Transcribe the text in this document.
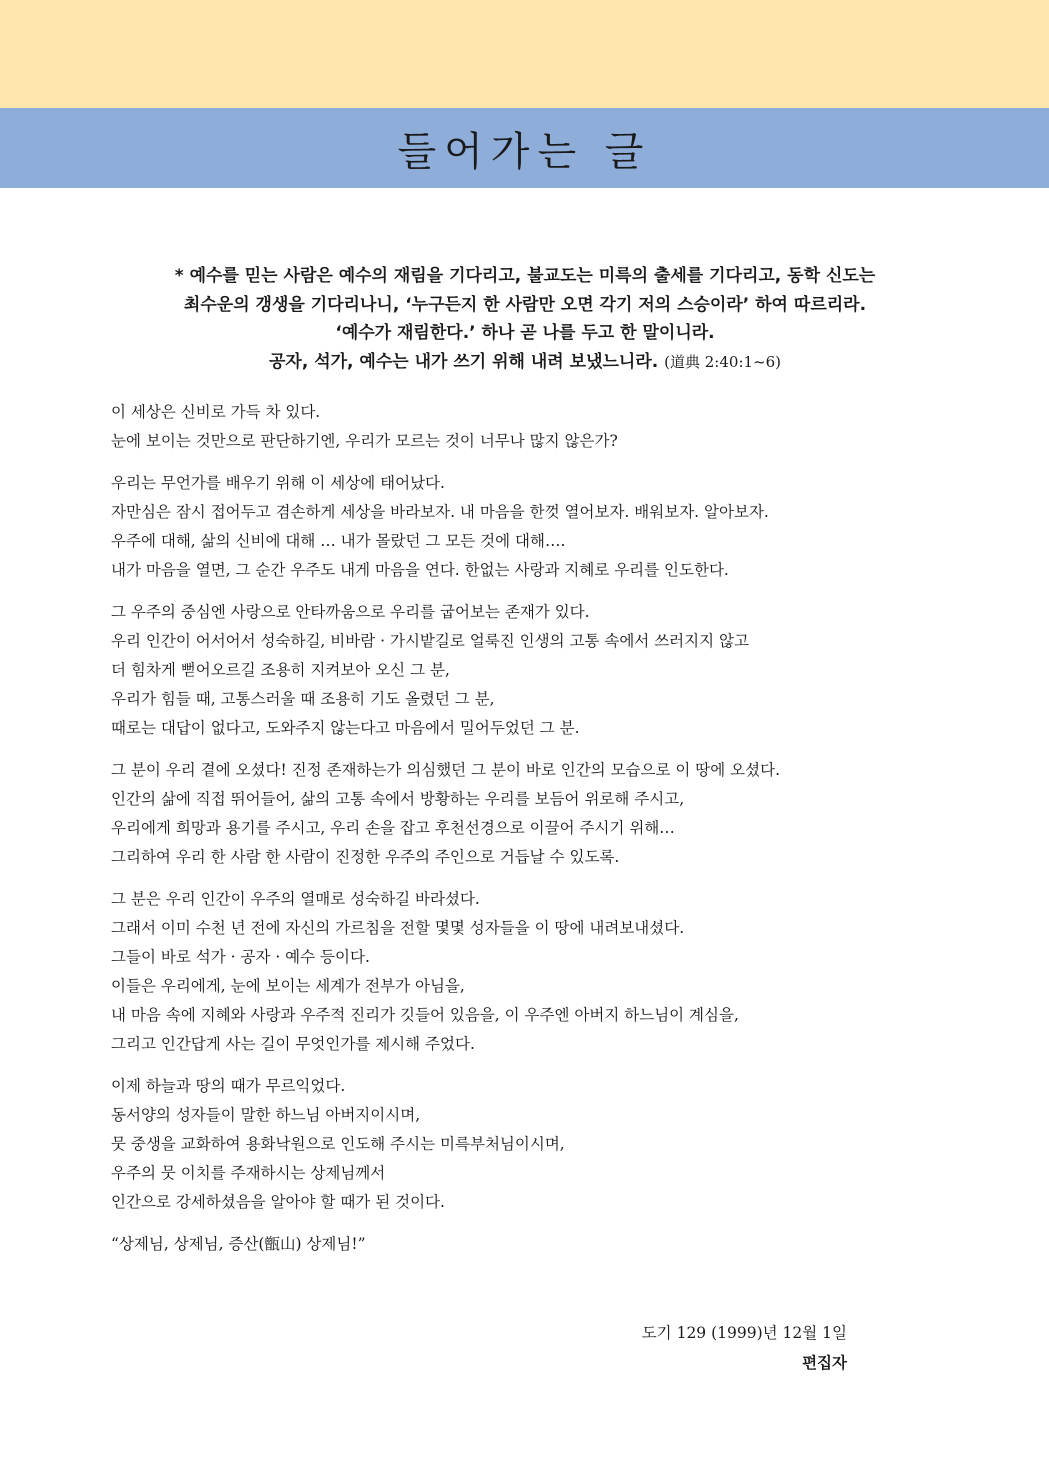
들어가는 글
* 예수를 믿는 사람은 예수의 재림을 기다리고, 불교도는 미륵의 출세를 기다리고, 동학 신도는
최수운의 갱생을 기다리나니, ‘누구든지 한 사람만 오면 각기 저의 스승이라’ 하여 따르리라.
‘예수가 재림한다.’ 하나 곧 나를 두고 한 말이니라.
공자, 석가, 예수는 내가 쓰기 위해 내려 보냈느니라. (道典 2:40:1~6)
이 세상은 신비로 가득 차 있다.
눈에 보이는 것만으로 판단하기엔, 우리가 모르는 것이 너무나 많지 않은가?
우리는 무언가를 배우기 위해 이 세상에 태어났다.
자만심은 잠시 접어두고 겸손하게 세상을 바라보자. 내 마음을 한껏 열어보자. 배워보자. 알아보자.
우주에 대해, 삶의 신비에 대해 … 내가 몰랐던 그 모든 것에 대해….
내가 마음을 열면, 그 순간 우주도 내게 마음을 연다. 한없는 사랑과 지혜로 우리를 인도한다.
그 우주의 중심엔 사랑으로 안타까움으로 우리를 굽어보는 존재가 있다.
우리 인간이 어서어서 성숙하길, 비바람 · 가시밭길로 얼룩진 인생의 고통 속에서 쓰러지지 않고
더 힘차게 뻗어오르길 조용히 지켜보아 오신 그 분,
우리가 힘들 때, 고통스러울 때 조용히 기도 올렸던 그 분,
때로는 대답이 없다고, 도와주지 않는다고 마음에서 밀어두었던 그 분.
그 분이 우리 곁에 오셨다! 진정 존재하는가 의심했던 그 분이 바로 인간의 모습으로 이 땅에 오셨다.
인간의 삶에 직접 뛰어들어, 삶의 고통 속에서 방황하는 우리를 보듬어 위로해 주시고,
우리에게 희망과 용기를 주시고, 우리 손을 잡고 후천선경으로 이끌어 주시기 위해…
그리하여 우리 한 사람 한 사람이 진정한 우주의 주인으로 거듭날 수 있도록.
그 분은 우리 인간이 우주의 열매로 성숙하길 바라셨다.
그래서 이미 수천 년 전에 자신의 가르침을 전할 몇몇 성자들을 이 땅에 내려보내셨다.
그들이 바로 석가 · 공자 · 예수 등이다.
이들은 우리에게, 눈에 보이는 세계가 전부가 아님을,
내 마음 속에 지혜와 사랑과 우주적 진리가 깃들어 있음을, 이 우주엔 아버지 하느님이 계심을,
그리고 인간답게 사는 길이 무엇인가를 제시해 주었다.
이제 하늘과 땅의 때가 무르익었다.
동서양의 성자들이 말한 하느님 아버지이시며,
뭇 중생을 교화하여 용화낙원으로 인도해 주시는 미륵부처님이시며,
우주의 뭇 이치를 주재하시는 상제님께서
인간으로 강세하셨음을 알아야 할 때가 된 것이다.
“상제님, 상제님, 증산(甑山) 상제님!”
도기 129 (1999)년 12월 1일
편집자
